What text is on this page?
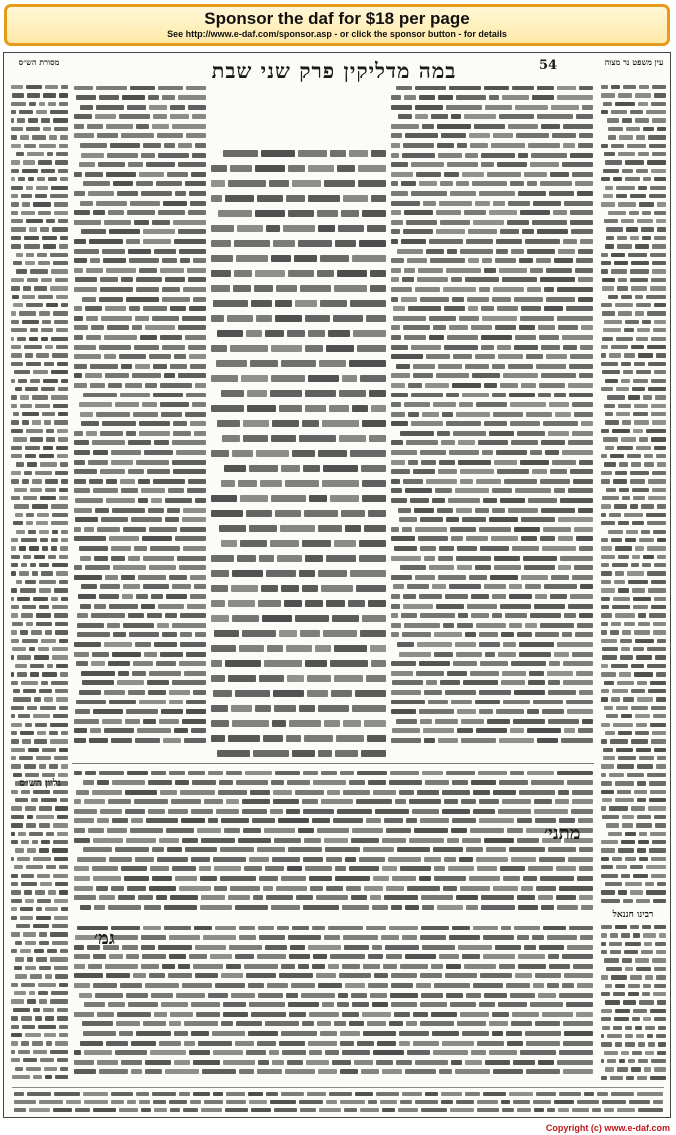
Sponsor the daf for $18 per page
See http://www.e-daf.com/sponsor.asp - or click the sponsor button - for details
54
במה מדליקין פרק שני שבת	עין משפט נר מצוה
מסורת הש״ס
רבינו חננאל
מתני׳
גמ׳
גליון הש״ס
Copyright (c) www.e-daf.com
